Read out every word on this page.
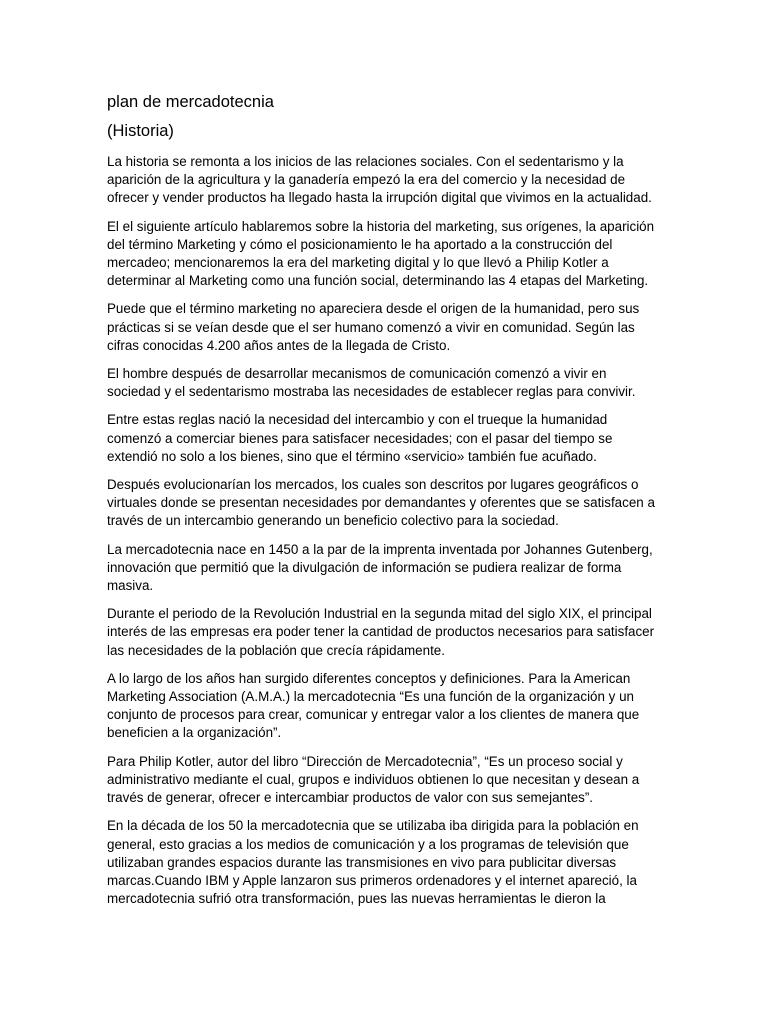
plan de mercadotecnia
(Historia)

La historia se remonta a los inicios de las relaciones sociales. Con el sedentarismo y la aparición de la agricultura y la ganadería empezó la era del comercio y la necesidad de ofrecer y vender productos ha llegado hasta la irrupción digital que vivimos en la actualidad.

El el siguiente artículo hablaremos sobre la historia del marketing, sus orígenes, la aparición del término Marketing y cómo el posicionamiento le ha aportado a la construcción del mercadeo; mencionaremos la era del marketing digital y lo que llevó a Philip Kotler a determinar al Marketing como una función social, determinando las 4 etapas del Marketing.

Puede que el término marketing no apareciera desde el origen de la humanidad, pero sus prácticas si se veían desde que el ser humano comenzó a vivir en comunidad. Según las cifras conocidas 4.200 años antes de la llegada de Cristo.

El hombre después de desarrollar mecanismos de comunicación comenzó a vivir en sociedad y el sedentarismo mostraba las necesidades de establecer reglas para convivir.

Entre estas reglas nació la necesidad del intercambio y con el trueque la humanidad comenzó a comerciar bienes para satisfacer necesidades; con el pasar del tiempo se extendió no solo a los bienes, sino que el término «servicio» también fue acuñado.

Después evolucionarían los mercados, los cuales son descritos por lugares geográficos o virtuales donde se presentan necesidades por demandantes y oferentes que se satisfacen a través de un intercambio generando un beneficio colectivo para la sociedad.

La mercadotecnia nace en 1450 a la par de la imprenta inventada por Johannes Gutenberg, innovación que permitió que la divulgación de información se pudiera realizar de forma masiva.

Durante el periodo de la Revolución Industrial en la segunda mitad del siglo XIX, el principal interés de las empresas era poder tener la cantidad de productos necesarios para satisfacer las necesidades de la población que crecía rápidamente.

A lo largo de los años han surgido diferentes conceptos y definiciones. Para la American Marketing Association (A.M.A.) la mercadotecnia “Es una función de la organización y un conjunto de procesos para crear, comunicar y entregar valor a los clientes de manera que beneficien a la organización”.

Para Philip Kotler, autor del libro “Dirección de Mercadotecnia”, “Es un proceso social y administrativo mediante el cual, grupos e individuos obtienen lo que necesitan y desean a través de generar, ofrecer e intercambiar productos de valor con sus semejantes”.

En la década de los 50 la mercadotecnia que se utilizaba iba dirigida para la población en general, esto gracias a los medios de comunicación y a los programas de televisión que utilizaban grandes espacios durante las transmisiones en vivo para publicitar diversas marcas.Cuando IBM y Apple lanzaron sus primeros ordenadores y el internet apareció, la mercadotecnia sufrió otra transformación, pues las nuevas herramientas le dieron la
